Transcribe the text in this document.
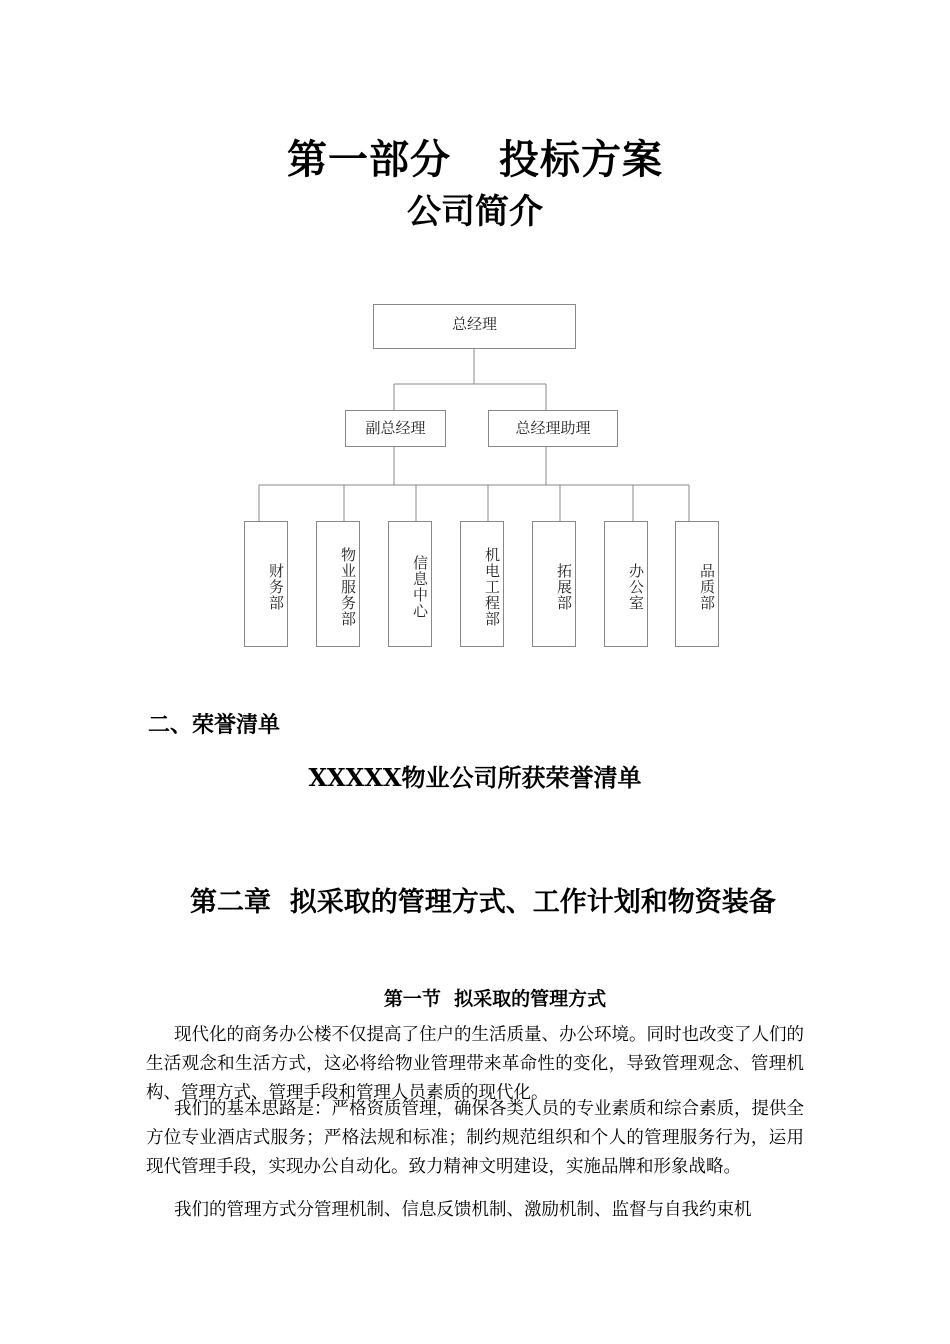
第一部分 投标方案
公司简介
总经理
副总经理	总经理助理
财务部	物业服务部	信息中心	机电工程部	拓展部	办公室	品质部
二、荣誉清单
XXXXX物业公司所获荣誉清单
第二章  拟采取的管理方式、工作计划和物资装备
第一节  拟采取的管理方式
现代化的商务办公楼不仅提高了住户的生活质量、办公环境。同时也改变了人们的生活观念和生活方式，这必将给物业管理带来革命性的变化，导致管理观念、管理机构、管理方式、管理手段和管理人员素质的现代化。
我们的基本思路是：严格资质管理，确保各类人员的专业素质和综合素质，提供全方位专业酒店式服务；严格法规和标准；制约规范组织和个人的管理服务行为，运用现代管理手段，实现办公自动化。致力精神文明建设，实施品牌和形象战略。
我们的管理方式分管理机制、信息反馈机制、激励机制、监督与自我约束机
